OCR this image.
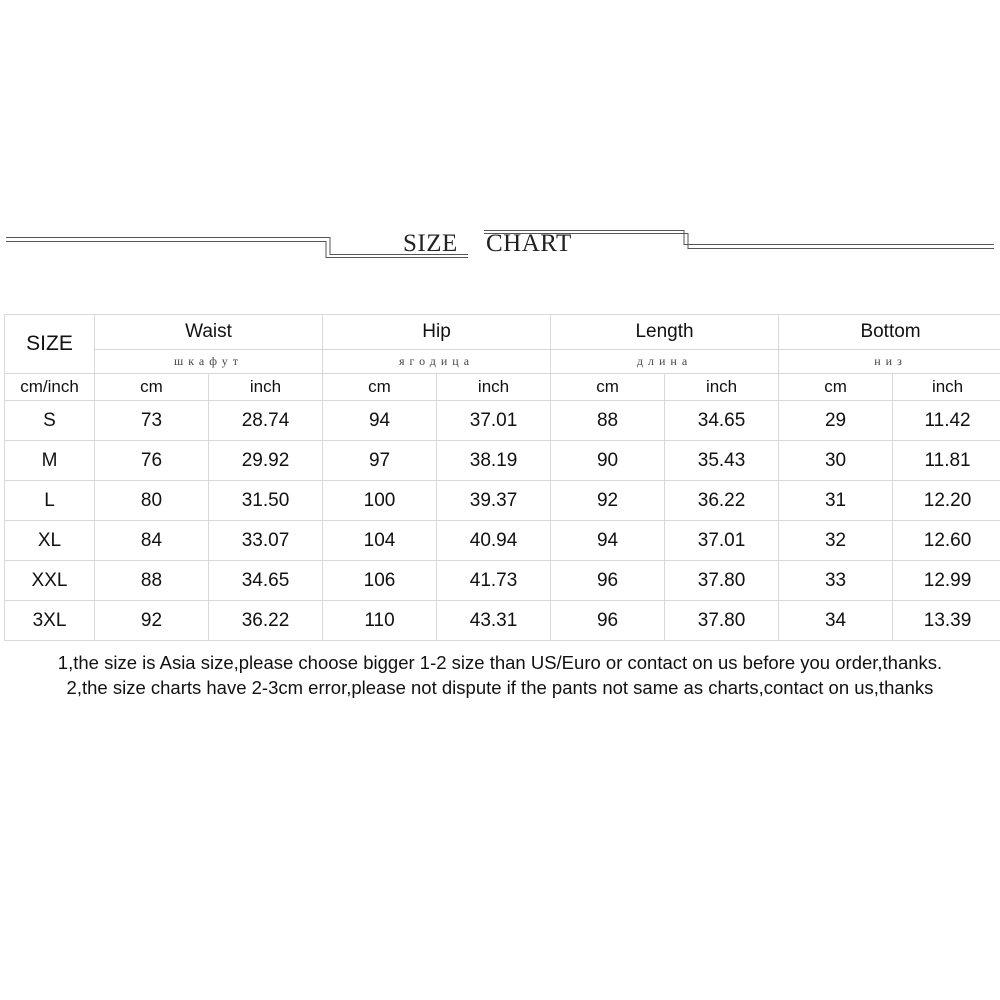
SIZE CHART
SIZE	Waist		Hip		Length		Bottom	
	шкафут		ягодица		длина		низ	
cm/inch	cm	inch	cm	inch	cm	inch	cm	inch
S	73	28.74	94	37.01	88	34.65	29	11.42
M	76	29.92	97	38.19	90	35.43	30	11.81
L	80	31.50	100	39.37	92	36.22	31	12.20
XL	84	33.07	104	40.94	94	37.01	32	12.60
XXL	88	34.65	106	41.73	96	37.80	33	12.99
3XL	92	36.22	110	43.31	96	37.80	34	13.39
1,the size is Asia size,please choose bigger 1-2 size than US/Euro or contact on us before you order,thanks.
2,the size charts have 2-3cm error,please not dispute if the pants not same as charts,contact on us,thanks
